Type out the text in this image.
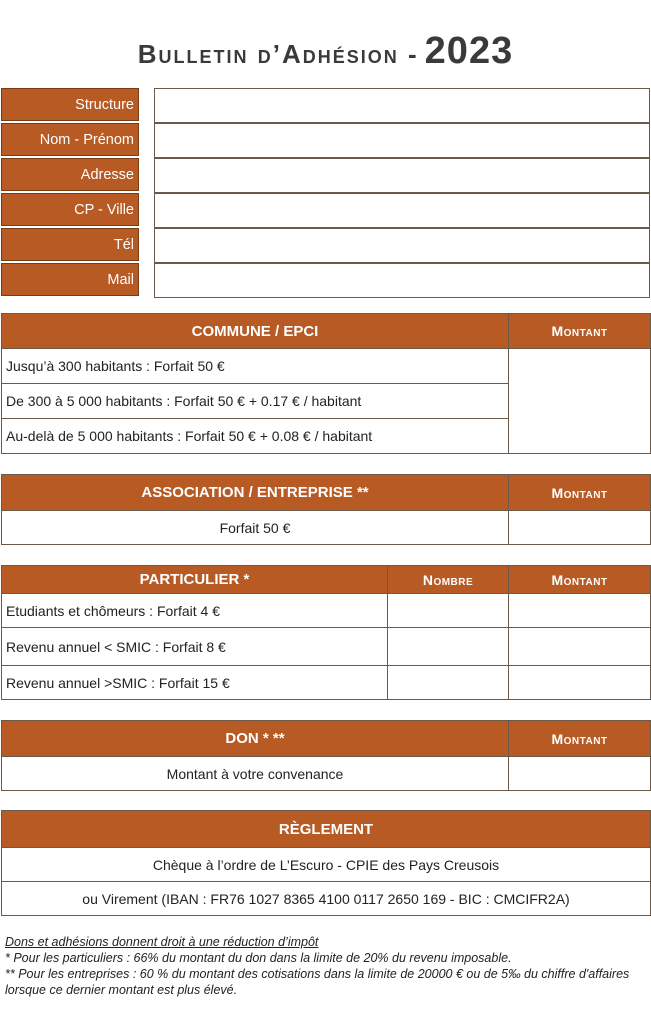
Bulletin d’Adhésion - 2023
Structure
Nom - Prénom
Adresse
CP - Ville
Tél
Mail
COMMUNE / EPCI	Montant
Jusqu’à 300 habitants : Forfait 50 €	
De 300 à 5 000 habitants : Forfait 50 € + 0.17 € / habitant	
Au-delà de 5 000 habitants : Forfait 50 € + 0.08 € / habitant	
ASSOCIATION / ENTREPRISE **	Montant
Forfait 50 €	
PARTICULIER *	Nombre	Montant
Etudiants et chômeurs : Forfait 4 €		
Revenu annuel < SMIC : Forfait 8 €		
Revenu annuel >SMIC : Forfait 15 €		
DON * **	Montant
Montant à votre convenance	
RÈGLEMENT
Chèque à l’ordre de L’Escuro - CPIE des Pays Creusois
ou Virement (IBAN : FR76 1027 8365 4100 0117 2650 169 - BIC : CMCIFR2A)
Dons et adhésions donnent droit à une réduction d’impôt
* Pour les particuliers : 66% du montant du don dans la limite de 20% du revenu imposable.
** Pour les entreprises : 60 % du montant des cotisations dans la limite de 20000 € ou de 5‰ du chiffre d'affaires lorsque ce dernier montant est plus élevé.
